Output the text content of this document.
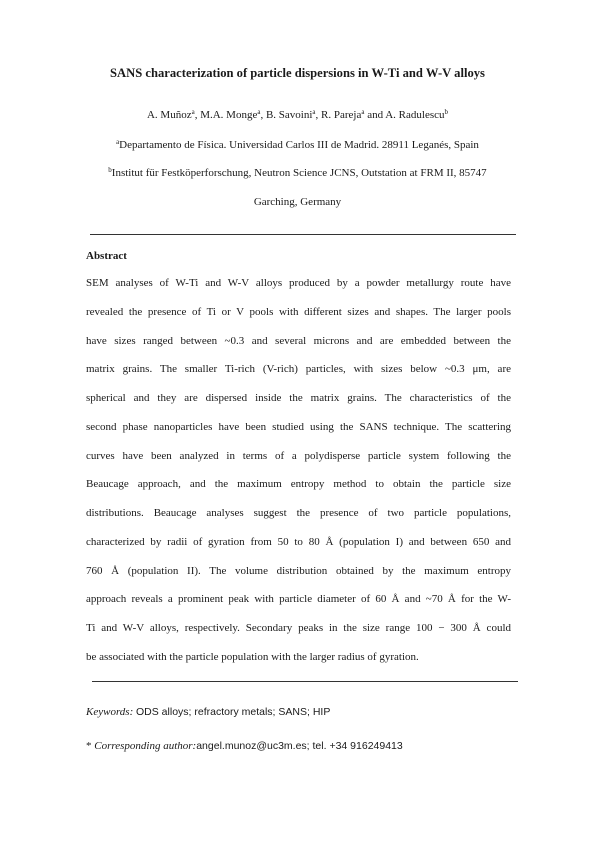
SANS characterization of particle dispersions in W-Ti and W-V alloys
A. Muñoz$^a$, M.A. Monge$^a$, B. Savoini$^a$, R. Pareja$^a$ and A. Radulescu$^b$
$^a$Departamento de Física. Universidad Carlos III de Madrid. 28911 Leganés, Spain
$^b$Institut für Festköperforschung, Neutron Science JCNS, Outstation at FRM II, 85747
Garching, Germany
Abstract
SEM analyses of W-Ti and W-V alloys produced by a powder metallurgy route have
revealed the presence of Ti or V pools with different sizes and shapes. The larger pools
have sizes ranged between ~0.3 and several microns and are embedded between the
matrix grains. The smaller Ti-rich (V-rich) particles, with sizes below ~0.3 μm, are
spherical and they are dispersed inside the matrix grains. The characteristics of the
second phase nanoparticles have been studied using the SANS technique. The scattering
curves have been analyzed in terms of a polydisperse particle system following the
Beaucage approach, and the maximum entropy method to obtain the particle size
distributions. Beaucage analyses suggest the presence of two particle populations,
characterized by radii of gyration from 50 to 80 Å (population I) and between 650 and
760 Å (population II). The volume distribution obtained by the maximum entropy
approach reveals a prominent peak with particle diameter of 60 Å and ~70 Å for the W-
Ti and W-V alloys, respectively. Secondary peaks in the size range 100 − 300 Å could
be associated with the particle population with the larger radius of gyration.
Keywords: ODS alloys; refractory metals; SANS; HIP
* Corresponding author:angel.munoz@uc3m.es; tel. +34 916249413
